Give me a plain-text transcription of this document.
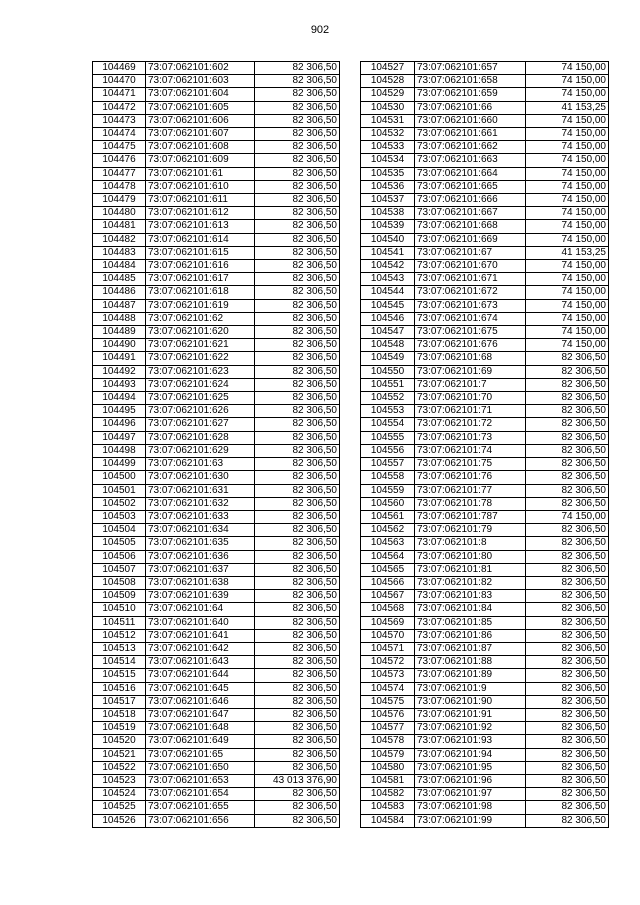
902
104469	73:07:062101:602	82 306,50
104470	73:07:062101:603	82 306,50
104471	73:07:062101:604	82 306,50
104472	73:07:062101:605	82 306,50
104473	73:07:062101:606	82 306,50
104474	73:07:062101:607	82 306,50
104475	73:07:062101:608	82 306,50
104476	73:07:062101:609	82 306,50
104477	73:07:062101:61	82 306,50
104478	73:07:062101:610	82 306,50
104479	73:07:062101:611	82 306,50
104480	73:07:062101:612	82 306,50
104481	73:07:062101:613	82 306,50
104482	73:07:062101:614	82 306,50
104483	73:07:062101:615	82 306,50
104484	73:07:062101:616	82 306,50
104485	73:07:062101:617	82 306,50
104486	73:07:062101:618	82 306,50
104487	73:07:062101:619	82 306,50
104488	73:07:062101:62	82 306,50
104489	73:07:062101:620	82 306,50
104490	73:07:062101:621	82 306,50
104491	73:07:062101:622	82 306,50
104492	73:07:062101:623	82 306,50
104493	73:07:062101:624	82 306,50
104494	73:07:062101:625	82 306,50
104495	73:07:062101:626	82 306,50
104496	73:07:062101:627	82 306,50
104497	73:07:062101:628	82 306,50
104498	73:07:062101:629	82 306,50
104499	73:07:062101:63	82 306,50
104500	73:07:062101:630	82 306,50
104501	73:07:062101:631	82 306,50
104502	73:07:062101:632	82 306,50
104503	73:07:062101:633	82 306,50
104504	73:07:062101:634	82 306,50
104505	73:07:062101:635	82 306,50
104506	73:07:062101:636	82 306,50
104507	73:07:062101:637	82 306,50
104508	73:07:062101:638	82 306,50
104509	73:07:062101:639	82 306,50
104510	73:07:062101:64	82 306,50
104511	73:07:062101:640	82 306,50
104512	73:07:062101:641	82 306,50
104513	73:07:062101:642	82 306,50
104514	73:07:062101:643	82 306,50
104515	73:07:062101:644	82 306,50
104516	73:07:062101:645	82 306,50
104517	73:07:062101:646	82 306,50
104518	73:07:062101:647	82 306,50
104519	73:07:062101:648	82 306,50
104520	73:07:062101:649	82 306,50
104521	73:07:062101:65	82 306,50
104522	73:07:062101:650	82 306,50
104523	73:07:062101:653	43 013 376,90
104524	73:07:062101:654	82 306,50
104525	73:07:062101:655	82 306,50
104526	73:07:062101:656	82 306,50
104527	73:07:062101:657	74 150,00
104528	73:07:062101:658	74 150,00
104529	73:07:062101:659	74 150,00
104530	73:07:062101:66	41 153,25
104531	73:07:062101:660	74 150,00
104532	73:07:062101:661	74 150,00
104533	73:07:062101:662	74 150,00
104534	73:07:062101:663	74 150,00
104535	73:07:062101:664	74 150,00
104536	73:07:062101:665	74 150,00
104537	73:07:062101:666	74 150,00
104538	73:07:062101:667	74 150,00
104539	73:07:062101:668	74 150,00
104540	73:07:062101:669	74 150,00
104541	73:07:062101:67	41 153,25
104542	73:07:062101:670	74 150,00
104543	73:07:062101:671	74 150,00
104544	73:07:062101:672	74 150,00
104545	73:07:062101:673	74 150,00
104546	73:07:062101:674	74 150,00
104547	73:07:062101:675	74 150,00
104548	73:07:062101:676	74 150,00
104549	73:07:062101:68	82 306,50
104550	73:07:062101:69	82 306,50
104551	73:07:062101:7	82 306,50
104552	73:07:062101:70	82 306,50
104553	73:07:062101:71	82 306,50
104554	73:07:062101:72	82 306,50
104555	73:07:062101:73	82 306,50
104556	73:07:062101:74	82 306,50
104557	73:07:062101:75	82 306,50
104558	73:07:062101:76	82 306,50
104559	73:07:062101:77	82 306,50
104560	73:07:062101:78	82 306,50
104561	73:07:062101:787	74 150,00
104562	73:07:062101:79	82 306,50
104563	73:07:062101:8	82 306,50
104564	73:07:062101:80	82 306,50
104565	73:07:062101:81	82 306,50
104566	73:07:062101:82	82 306,50
104567	73:07:062101:83	82 306,50
104568	73:07:062101:84	82 306,50
104569	73:07:062101:85	82 306,50
104570	73:07:062101:86	82 306,50
104571	73:07:062101:87	82 306,50
104572	73:07:062101:88	82 306,50
104573	73:07:062101:89	82 306,50
104574	73:07:062101:9	82 306,50
104575	73:07:062101:90	82 306,50
104576	73:07:062101:91	82 306,50
104577	73:07:062101:92	82 306,50
104578	73:07:062101:93	82 306,50
104579	73:07:062101:94	82 306,50
104580	73:07:062101:95	82 306,50
104581	73:07:062101:96	82 306,50
104582	73:07:062101:97	82 306,50
104583	73:07:062101:98	82 306,50
104584	73:07:062101:99	82 306,50
